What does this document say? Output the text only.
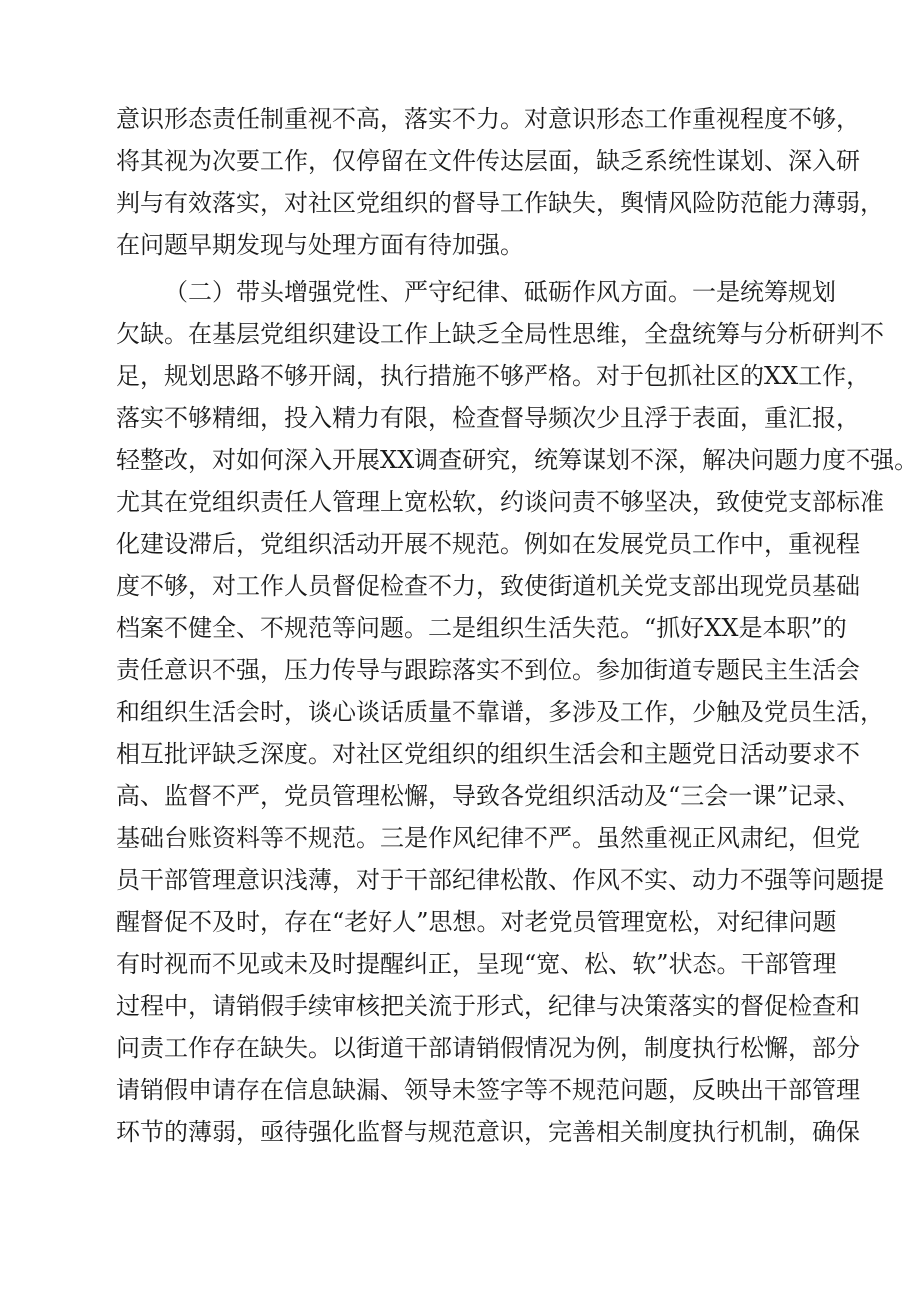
意识形态责任制重视不高，落实不力。对意识形态工作重视程度不够，
将其视为次要工作，仅停留在文件传达层面，缺乏系统性谋划、深入研
判与有效落实，对社区党组织的督导工作缺失，舆情风险防范能力薄弱，
在问题早期发现与处理方面有待加强。
（二）带头增强党性、严守纪律、砥砺作风方面。一是统筹规划
欠缺。在基层党组织建设工作上缺乏全局性思维，全盘统筹与分析研判不
足，规划思路不够开阔，执行措施不够严格。对于包抓社区的XX工作，
落实不够精细，投入精力有限，检查督导频次少且浮于表面，重汇报，
轻整改，对如何深入开展XX调查研究，统筹谋划不深，解决问题力度不强。
尤其在党组织责任人管理上宽松软，约谈问责不够坚决，致使党支部标准
化建设滞后，党组织活动开展不规范。例如在发展党员工作中，重视程
度不够，对工作人员督促检查不力，致使街道机关党支部出现党员基础
档案不健全、不规范等问题。二是组织生活失范。“抓好XX是本职”的
责任意识不强，压力传导与跟踪落实不到位。参加街道专题民主生活会
和组织生活会时，谈心谈话质量不靠谱，多涉及工作，少触及党员生活，
相互批评缺乏深度。对社区党组织的组织生活会和主题党日活动要求不
高、监督不严，党员管理松懈，导致各党组织活动及“三会一课”记录、
基础台账资料等不规范。三是作风纪律不严。虽然重视正风肃纪，但党
员干部管理意识浅薄，对于干部纪律松散、作风不实、动力不强等问题提
醒督促不及时，存在“老好人”思想。对老党员管理宽松，对纪律问题
有时视而不见或未及时提醒纠正，呈现“宽、松、软”状态。干部管理
过程中，请销假手续审核把关流于形式，纪律与决策落实的督促检查和
问责工作存在缺失。以街道干部请销假情况为例，制度执行松懈，部分
请销假申请存在信息缺漏、领导未签字等不规范问题，反映出干部管理
环节的薄弱，亟待强化监督与规范意识，完善相关制度执行机制，确保
